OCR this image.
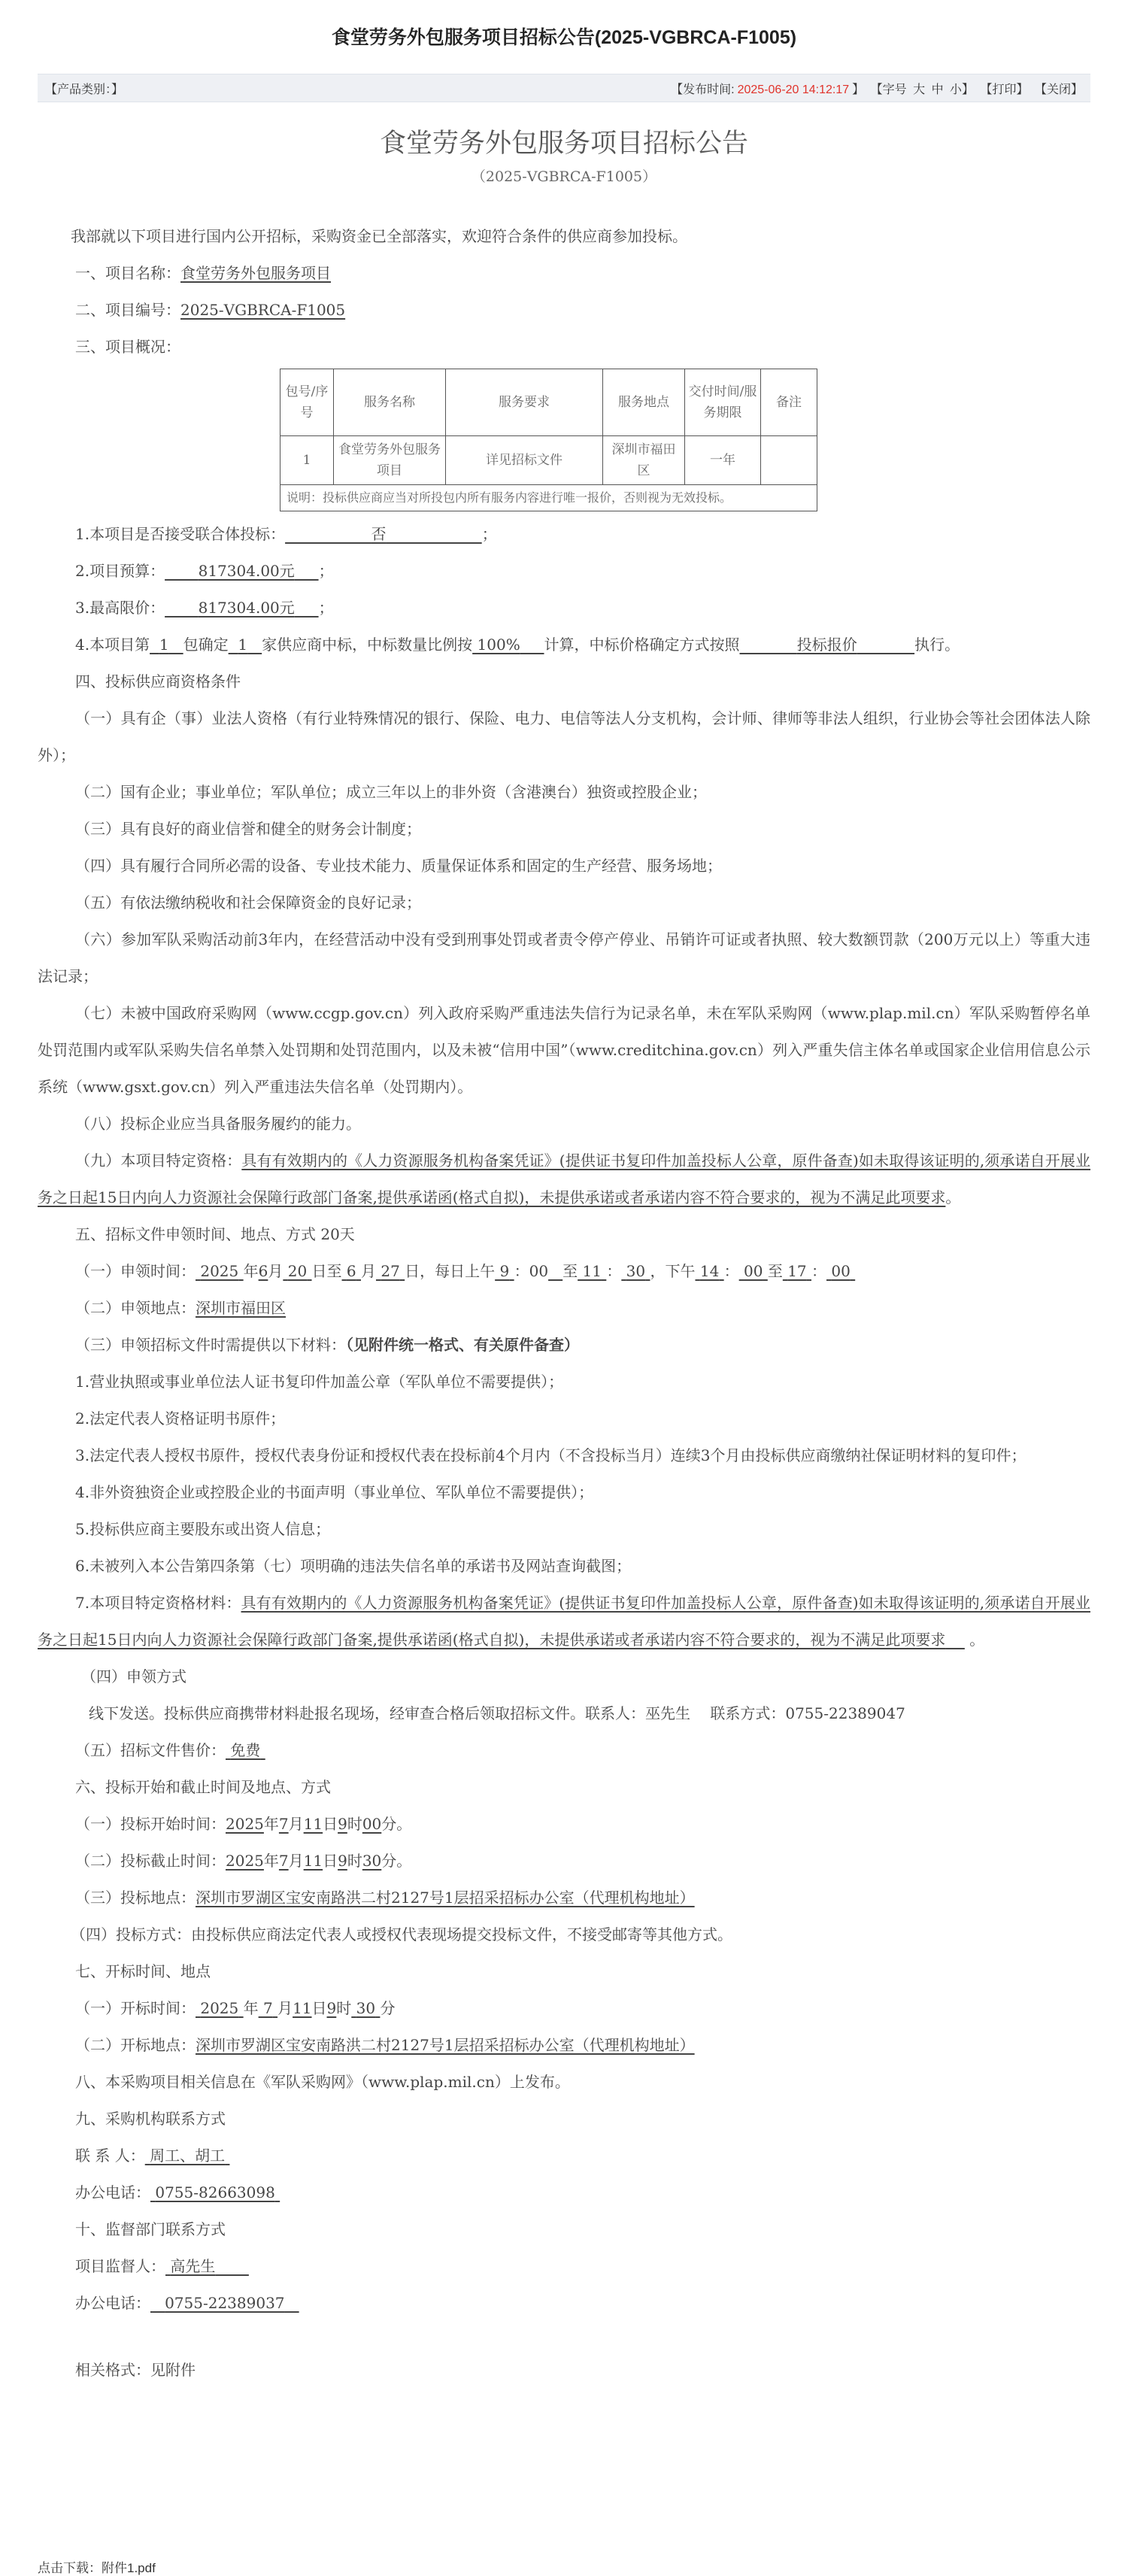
食堂劳务外包服务项目招标公告(2025-VGBRCA-F1005)
【产品类别：】	【发布时间: 2025-06-20 14:12:17 】 【字号 大 中 小】 【打印】 【关闭】
食堂劳务外包服务项目招标公告
（2025-VGBRCA-F1005）
我部就以下项目进行国内公开招标，采购资金已全部落实，欢迎符合条件的供应商参加投标。
一、项目名称：食堂劳务外包服务项目
二、项目编号：2025-VGBRCA-F1005
三、项目概况：
包号/序号	服务名称	服务要求	服务地点	交付时间/服务期限	备注
1	食堂劳务外包服务项目	详见招标文件	深圳市福田区	一年	
说明：投标供应商应当对所投包内所有服务内容进行唯一报价，否则视为无效投标。					
1.本项目是否接受联合体投标：	否	；
2.项目预算： 817304.00元 ；
3.最高限价： 817304.00元 ；
4.本项目第 1 包确定 1 家供应商中标，中标数量比例按 100% 计算，中标价格确定方式按照	投标报价	执行。
四、投标供应商资格条件
（一）具有企（事）业法人资格（有行业特殊情况的银行、保险、电力、电信等法人分支机构，会计师、律师等非法人组织，行业协会等社会团体法人除外）；
（二）国有企业；事业单位；军队单位；成立三年以上的非外资（含港澳台）独资或控股企业；
（三）具有良好的商业信誉和健全的财务会计制度；
（四）具有履行合同所必需的设备、专业技术能力、质量保证体系和固定的生产经营、服务场地；
（五）有依法缴纳税收和社会保障资金的良好记录；
（六）参加军队采购活动前3年内，在经营活动中没有受到刑事处罚或者责令停产停业、吊销许可证或者执照、较大数额罚款（200万元以上）等重大违法记录；
（七）未被中国政府采购网（www.ccgp.gov.cn）列入政府采购严重违法失信行为记录名单，未在军队采购网（www.plap.mil.cn）军队采购暂停名单处罚范围内或军队采购失信名单禁入处罚期和处罚范围内，以及未被“信用中国”（www.creditchina.gov.cn）列入严重失信主体名单或国家企业信用信息公示系统（www.gsxt.gov.cn）列入严重违法失信名单（处罚期内）。
（八）投标企业应当具备服务履约的能力。
（九）本项目特定资格：具有有效期内的《人力资源服务机构备案凭证》(提供证书复印件加盖投标人公章，原件备查)如未取得该证明的,须承诺自开展业务之日起15日内向人力资源社会保障行政部门备案,提供承诺函(格式自拟)，未提供承诺或者承诺内容不符合要求的，视为不满足此项要求。
五、招标文件申领时间、地点、方式 20天
（一）申领时间： 2025 年6月 20 日至 6 月 27 日，每日上午 9 ：00 至 11 ： 30 ，下午 14 ： 00 至 17 ： 00
（二）申领地点：深圳市福田区
（三）申领招标文件时需提供以下材料：（见附件统一格式、有关原件备查）
1.营业执照或事业单位法人证书复印件加盖公章（军队单位不需要提供）；
2.法定代表人资格证明书原件；
3.法定代表人授权书原件，授权代表身份证和授权代表在投标前4个月内（不含投标当月）连续3个月由投标供应商缴纳社保证明材料的复印件；
4.非外资独资企业或控股企业的书面声明（事业单位、军队单位不需要提供）；
5.投标供应商主要股东或出资人信息；
6.未被列入本公告第四条第（七）项明确的违法失信名单的承诺书及网站查询截图；
7.本项目特定资格材料：具有有效期内的《人力资源服务机构备案凭证》(提供证书复印件加盖投标人公章，原件备查)如未取得该证明的,须承诺自开展业务之日起15日内向人力资源社会保障行政部门备案,提供承诺函(格式自拟)，未提供承诺或者承诺内容不符合要求的，视为不满足此项要求 。
（四）申领方式
线下发送。投标供应商携带材料赴报名现场，经审查合格后领取招标文件。联系人：巫先生　 联系方式：0755-22389047
（五）招标文件售价： 免费
六、投标开始和截止时间及地点、方式
（一）投标开始时间：2025年7月11日9时00分。
（二）投标截止时间：2025年7月11日9时30分。
（三）投标地点：深圳市罗湖区宝安南路洪二村2127号1层招采招标办公室（代理机构地址）
（四）投标方式：由投标供应商法定代表人或授权代表现场提交投标文件，不接受邮寄等其他方式。
七、开标时间、地点
（一）开标时间： 2025 年 7 月11日9时 30 分
（二）开标地点：深圳市罗湖区宝安南路洪二村2127号1层招采招标办公室（代理机构地址）
八、本采购项目相关信息在《军队采购网》（www.plap.mil.cn）上发布。
九、采购机构联系方式
联 系 人： 周工、胡工
办公电话： 0755-82663098
十、监督部门联系方式
项目监督人： 高先生
办公电话： 0755-22389037
相关格式：见附件
点击下载：附件1.pdf
